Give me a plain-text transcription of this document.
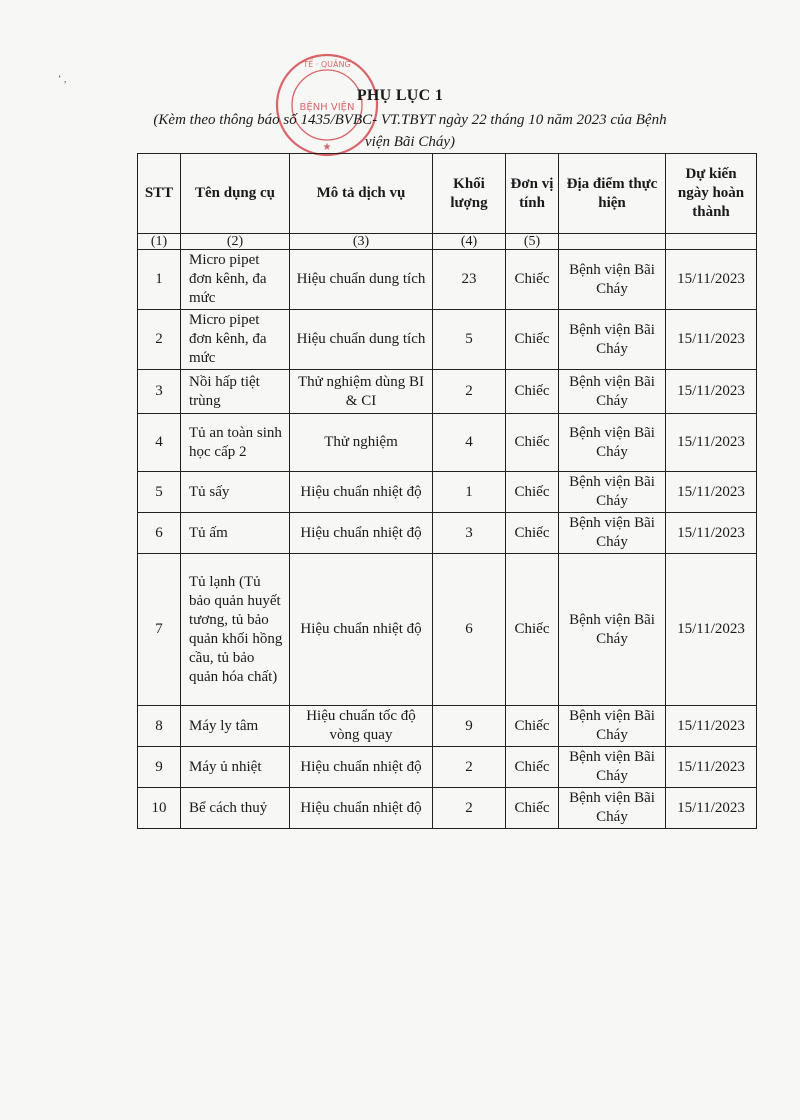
‘ ,
TẾ · QUẢNG
BỆNH VIỆN
★
PHỤ LỤC 1
(Kèm theo thông báo số 1435/BVBC- VT.TBYT ngày 22 tháng 10 năm 2023 của Bệnh viện Bãi Cháy)
STT	Tên dụng cụ	Mô tả dịch vụ	Khối lượng	Đơn vị tính	Địa điểm thực hiện	Dự kiến ngày hoàn thành
(1)	(2)	(3)	(4)	(5)		
1	Micro pipet đơn kênh, đa mức	Hiệu chuẩn dung tích	23	Chiếc	Bệnh viện Bãi Cháy	15/11/2023
2	Micro pipet đơn kênh, đa mức	Hiệu chuẩn dung tích	5	Chiếc	Bệnh viện Bãi Cháy	15/11/2023
3	Nồi hấp tiệt trùng	Thử nghiệm dùng BI & CI	2	Chiếc	Bệnh viện Bãi Cháy	15/11/2023
4	Tủ an toàn sinh học cấp 2	Thử nghiệm	4	Chiếc	Bệnh viện Bãi Cháy	15/11/2023
5	Tủ sấy	Hiệu chuẩn nhiệt độ	1	Chiếc	Bệnh viện Bãi Cháy	15/11/2023
6	Tủ ấm	Hiệu chuẩn nhiệt độ	3	Chiếc	Bệnh viện Bãi Cháy	15/11/2023
7	Tủ lạnh (Tủ bảo quản huyết tương, tủ bảo quản khối hồng cầu, tủ bảo quản hóa chất)	Hiệu chuẩn nhiệt độ	6	Chiếc	Bệnh viện Bãi Cháy	15/11/2023
8	Máy ly tâm	Hiệu chuẩn tốc độ vòng quay	9	Chiếc	Bệnh viện Bãi Cháy	15/11/2023
9	Máy ủ nhiệt	Hiệu chuẩn nhiệt độ	2	Chiếc	Bệnh viện Bãi Cháy	15/11/2023
10	Bể cách thuỷ	Hiệu chuẩn nhiệt độ	2	Chiếc	Bệnh viện Bãi Cháy	15/11/2023
